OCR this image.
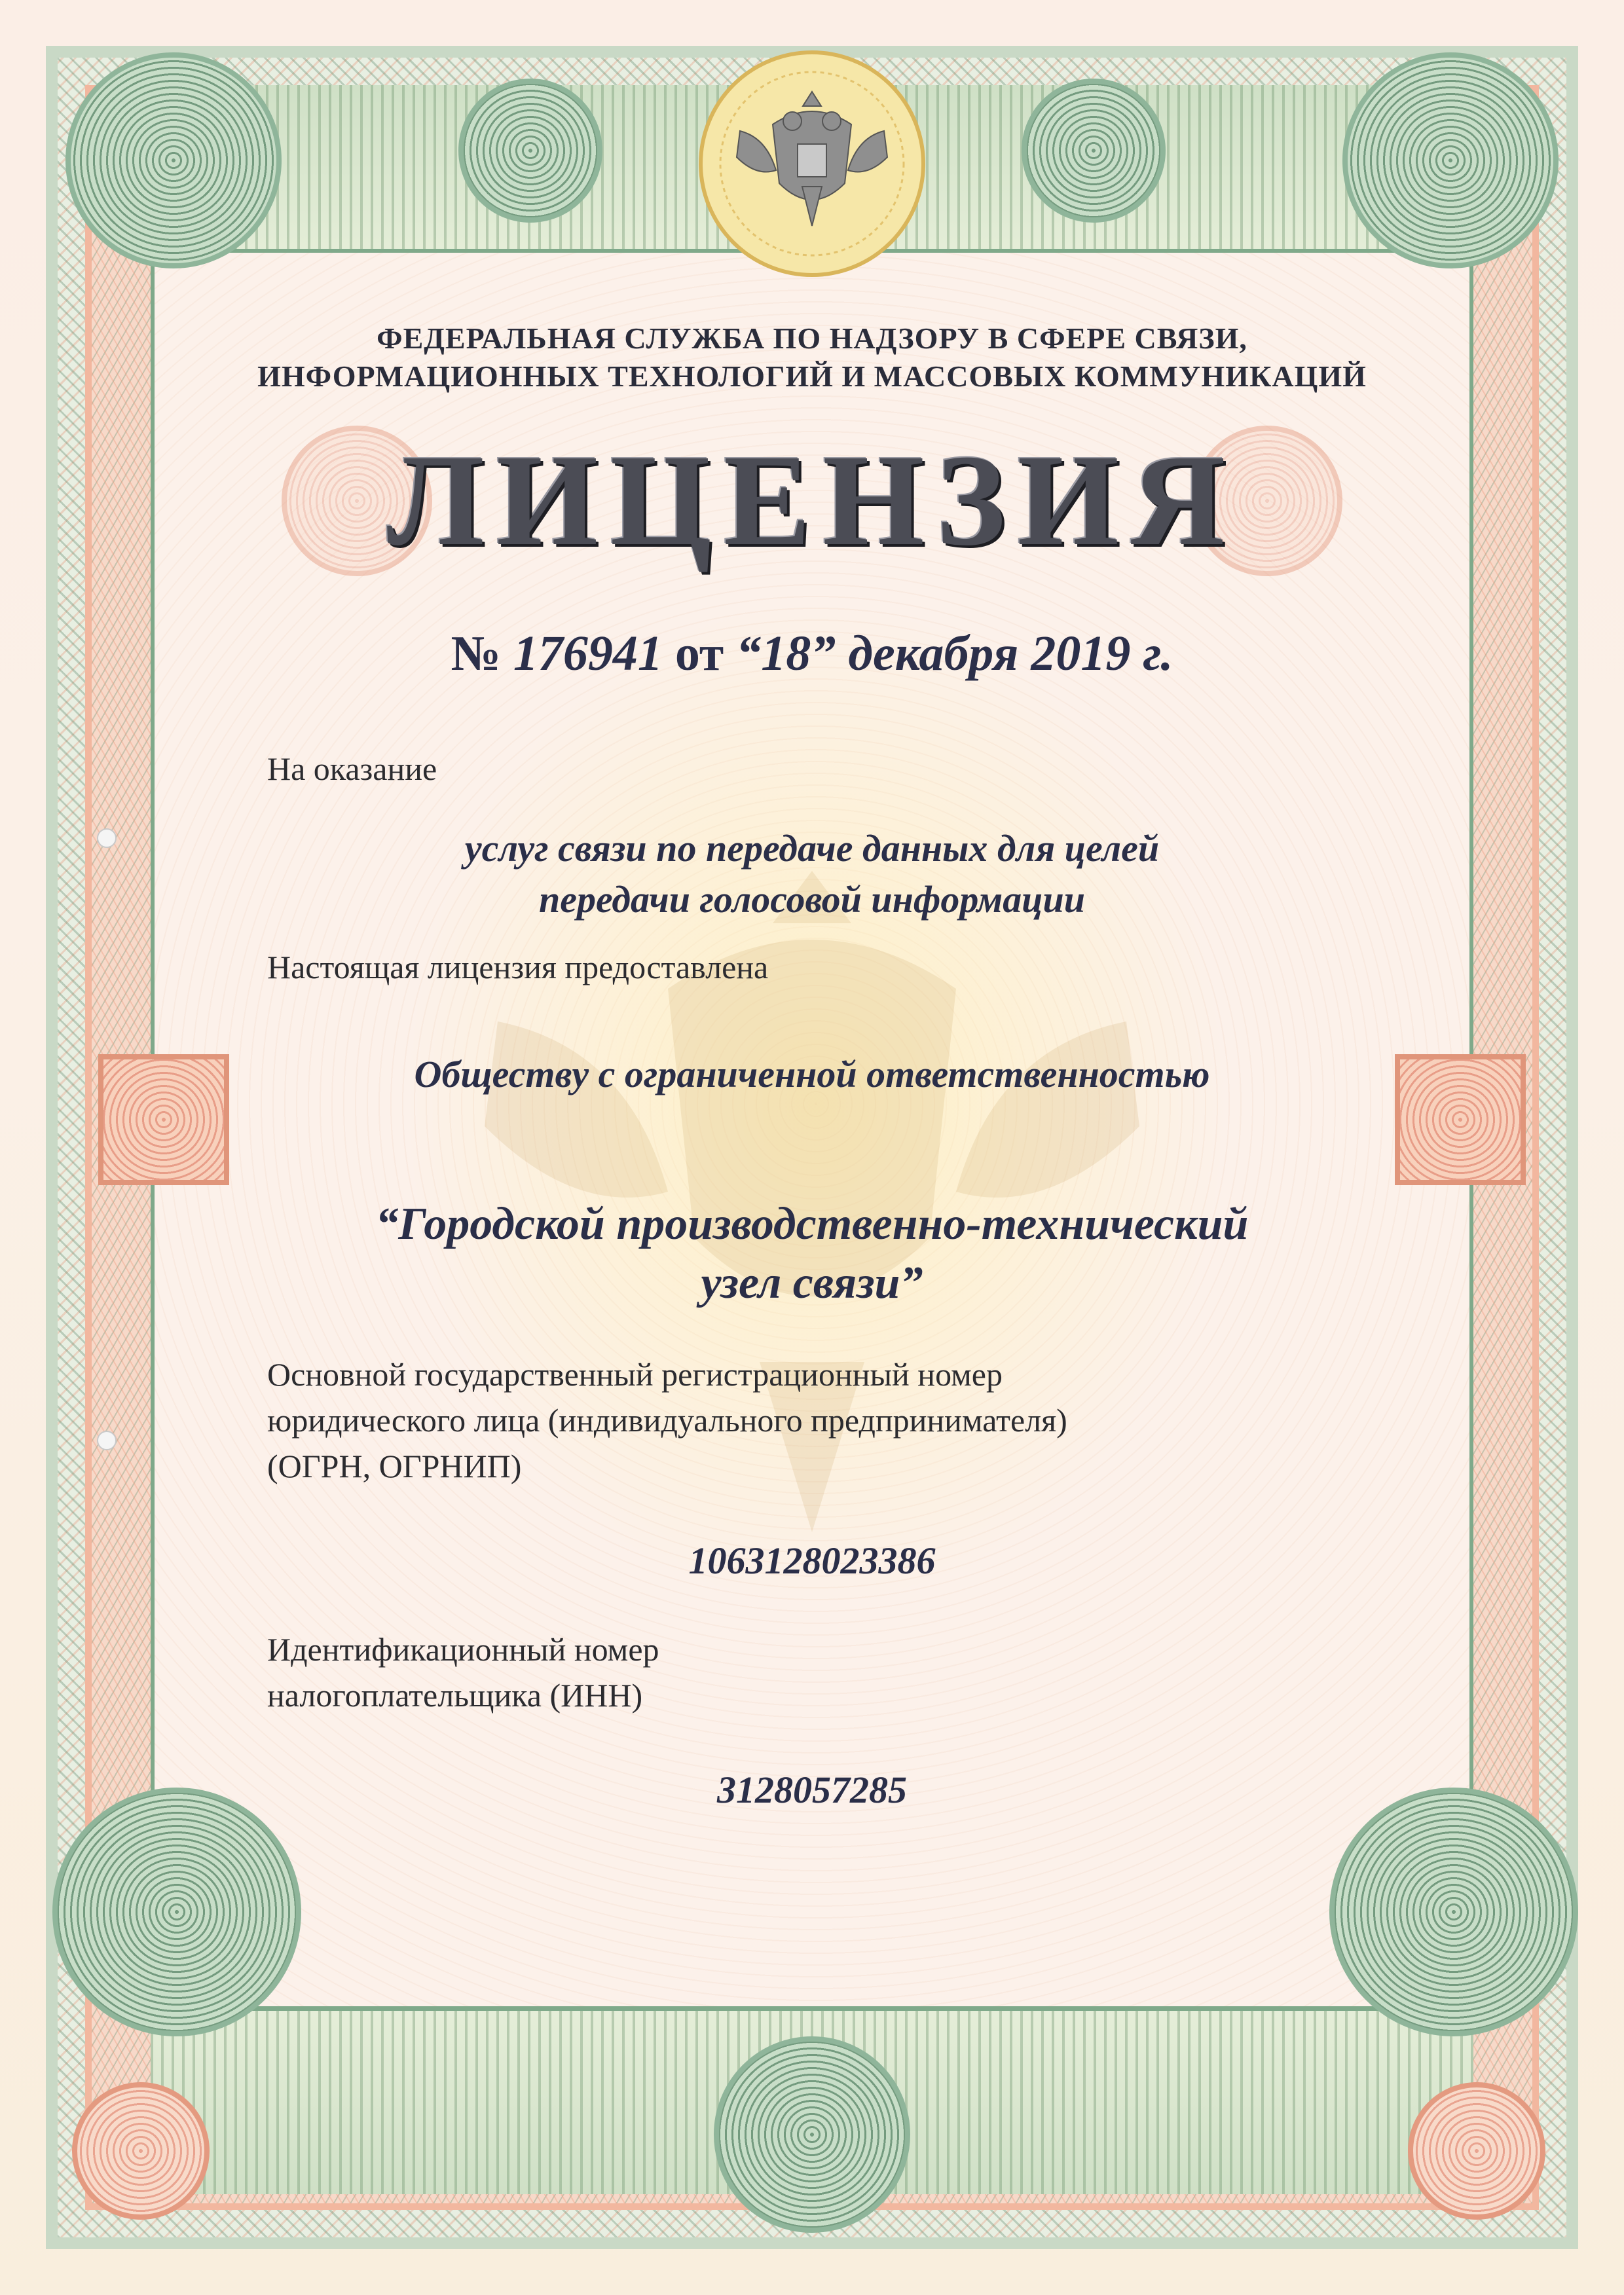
ФЕДЕРАЛЬНАЯ СЛУЖБА ПО НАДЗОРУ В СФЕРЕ СВЯЗИ,
ИНФОРМАЦИОННЫХ ТЕХНОЛОГИЙ И МАССОВЫХ КОММУНИКАЦИЙ
ЛИЦЕНЗИЯ
№ 176941 от “18” декабря 2019 г.
На оказание
услуг связи по передаче данных для целей
передачи голосовой информации
Настоящая лицензия предоставлена
Обществу с ограниченной ответственностью
“Городской производственно-технический
узел связи”
Основной государственный регистрационный номер
юридического лица (индивидуального предпринимателя)
(ОГРН, ОГРНИП)
1063128023386
Идентификационный номер
налогоплательщика (ИНН)
3128057285
